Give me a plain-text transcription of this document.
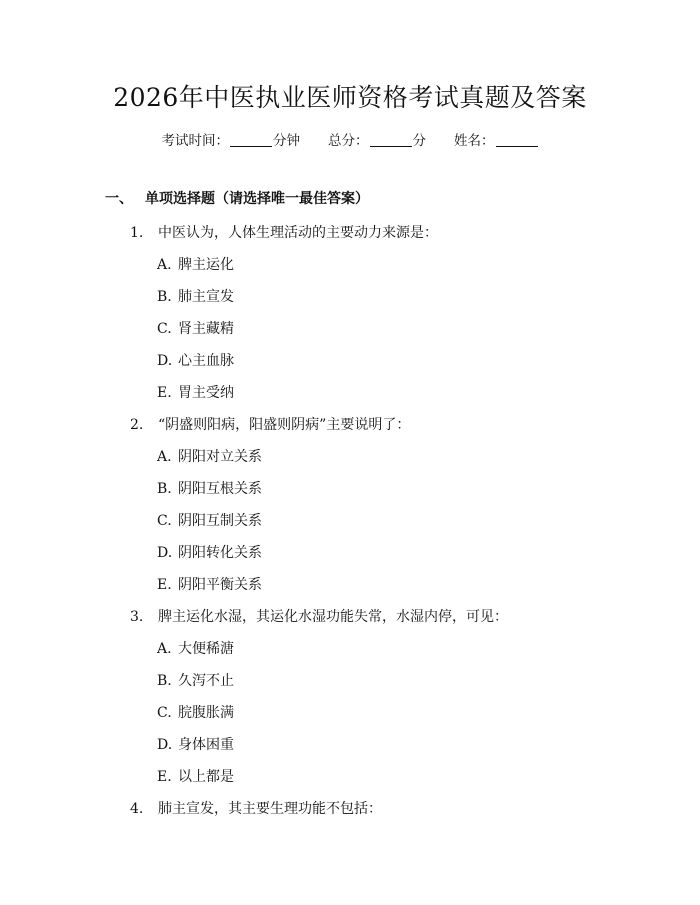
2026年中医执业医师资格考试真题及答案
考试时间：	分钟 总分：	分 姓名：
一、 单项选择题（请选择唯一最佳答案）
1. 中医认为，人体生理活动的主要动力来源是：
A. 脾主运化
B. 肺主宣发
C. 肾主藏精
D. 心主血脉
E. 胃主受纳
2. “阴盛则阳病，阳盛则阴病”主要说明了：
A. 阴阳对立关系
B. 阴阳互根关系
C. 阴阳互制关系
D. 阴阳转化关系
E. 阴阳平衡关系
3. 脾主运化水湿，其运化水湿功能失常，水湿内停，可见：
A. 大便稀溏
B. 久泻不止
C. 脘腹胀满
D. 身体困重
E. 以上都是
4. 肺主宣发，其主要生理功能不包括：
